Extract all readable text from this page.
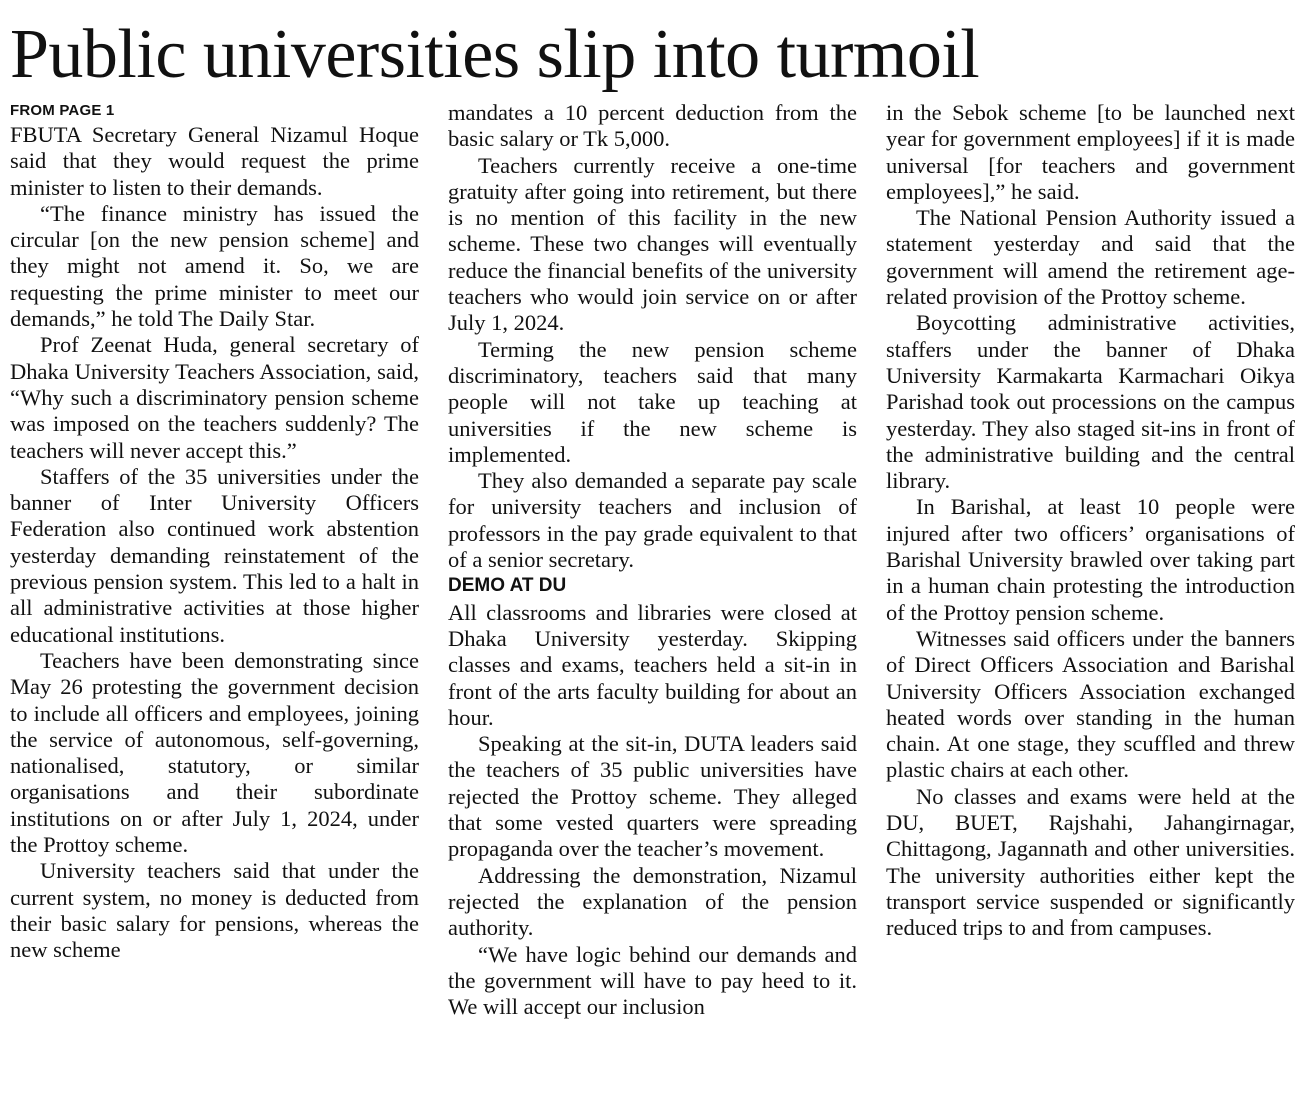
Public universities slip into turmoil
FROM PAGE 1

FBUTA Secretary General Nizamul Hoque said that they would request the prime minister to listen to their demands.

“The finance ministry has issued the circular [on the new pension scheme] and they might not amend it. So, we are requesting the prime minister to meet our demands,” he told The Daily Star.

Prof Zeenat Huda, general secretary of Dhaka University Teachers Association, said, “Why such a discriminatory pension scheme was imposed on the teachers suddenly? The teachers will never accept this.”

Staffers of the 35 universities under the banner of Inter University Officers Federation also continued work abstention yesterday demanding reinstatement of the previous pension system. This led to a halt in all administrative activities at those higher educational institutions.

Teachers have been demonstrating since May 26 protesting the government decision to include all officers and employees, joining the service of autonomous, self-governing, nationalised, statutory, or similar organisations and their subordinate institutions on or after July 1, 2024, under the Prottoy scheme.

University teachers said that under the current system, no money is deducted from their basic salary for pensions, whereas the new scheme

mandates a 10 percent deduction from the basic salary or Tk 5,000.

Teachers currently receive a one-time gratuity after going into retirement, but there is no mention of this facility in the new scheme. These two changes will eventually reduce the financial benefits of the university teachers who would join service on or after July 1, 2024.

Terming the new pension scheme discriminatory, teachers said that many people will not take up teaching at universities if the new scheme is implemented.

They also demanded a separate pay scale for university teachers and inclusion of professors in the pay grade equivalent to that of a senior secretary.

DEMO AT DU

All classrooms and libraries were closed at Dhaka University yesterday. Skipping classes and exams, teachers held a sit-in in front of the arts faculty building for about an hour.

Speaking at the sit-in, DUTA leaders said the teachers of 35 public universities have rejected the Prottoy scheme. They alleged that some vested quarters were spreading propaganda over the teacher’s movement.

Addressing the demonstration, Nizamul rejected the explanation of the pension authority.

“We have logic behind our demands and the government will have to pay heed to it. We will accept our inclusion

in the Sebok scheme [to be launched next year for government employees] if it is made universal [for teachers and government employees],” he said.

The National Pension Authority issued a statement yesterday and said that the government will amend the retirement age-related provision of the Prottoy scheme.

Boycotting administrative activities, staffers under the banner of Dhaka University Karmakarta Karmachari Oikya Parishad took out processions on the campus yesterday. They also staged sit-ins in front of the administrative building and the central library.

In Barishal, at least 10 people were injured after two officers’ organisations of Barishal University brawled over taking part in a human chain protesting the introduction of the Prottoy pension scheme.

Witnesses said officers under the banners of Direct Officers Association and Barishal University Officers Association exchanged heated words over standing in the human chain. At one stage, they scuffled and threw plastic chairs at each other.

No classes and exams were held at the DU, BUET, Rajshahi, Jahangirnagar, Chittagong, Jagannath and other universities. The university authorities either kept the transport service suspended or significantly reduced trips to and from campuses.
